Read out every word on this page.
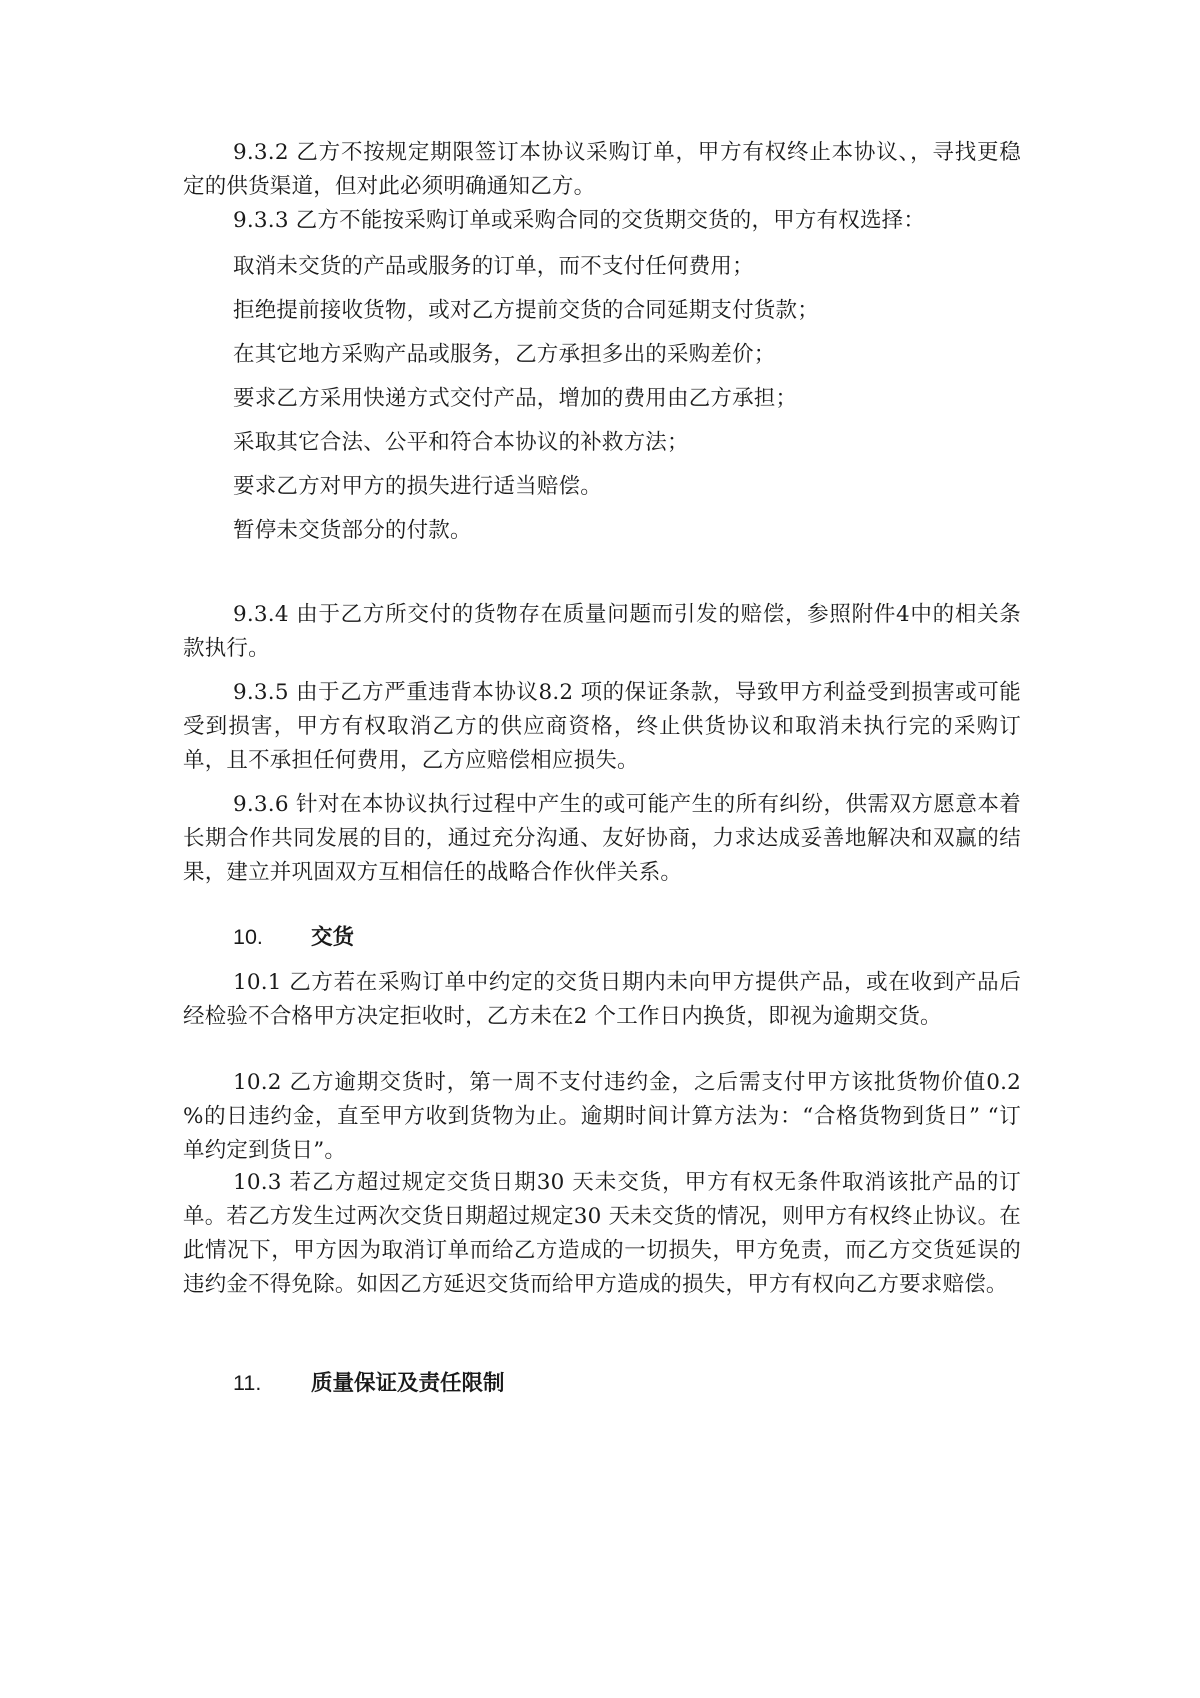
9.3.2 乙方不按规定期限签订本协议采购订单，甲方有权终止本协议、，寻找更稳定的供货渠道，但对此必须明确通知乙方。

9.3.3 乙方不能按采购订单或采购合同的交货期交货的，甲方有权选择：

取消未交货的产品或服务的订单，而不支付任何费用；

拒绝提前接收货物，或对乙方提前交货的合同延期支付货款；

在其它地方采购产品或服务，乙方承担多出的采购差价；

要求乙方采用快递方式交付产品，增加的费用由乙方承担；

采取其它合法、公平和符合本协议的补救方法；

要求乙方对甲方的损失进行适当赔偿。

暂停未交货部分的付款。

9.3.4 由于乙方所交付的货物存在质量问题而引发的赔偿，参照附件4中的相关条款执行。

9.3.5 由于乙方严重违背本协议8.2 项的保证条款，导致甲方利益受到损害或可能受到损害，甲方有权取消乙方的供应商资格，终止供货协议和取消未执行完的采购订单，且不承担任何费用，乙方应赔偿相应损失。

9.3.6 针对在本协议执行过程中产生的或可能产生的所有纠纷，供需双方愿意本着长期合作共同发展的目的，通过充分沟通、友好协商，力求达成妥善地解决和双赢的结果，建立并巩固双方互相信任的战略合作伙伴关系。

10. 交货

10.1 乙方若在采购订单中约定的交货日期内未向甲方提供产品，或在收到产品后经检验不合格甲方决定拒收时，乙方未在2 个工作日内换货，即视为逾期交货。

10.2 乙方逾期交货时，第一周不支付违约金，之后需支付甲方该批货物价值0.2 %的日违约金，直至甲方收到货物为止。逾期时间计算方法为：“合格货物到货日” “订单约定到货日”。

10.3 若乙方超过规定交货日期30 天未交货，甲方有权无条件取消该批产品的订单。若乙方发生过两次交货日期超过规定30 天未交货的情况，则甲方有权终止协议。在此情况下，甲方因为取消订单而给乙方造成的一切损失，甲方免责，而乙方交货延误的违约金不得免除。如因乙方延迟交货而给甲方造成的损失，甲方有权向乙方要求赔偿。

11. 质量保证及责任限制
